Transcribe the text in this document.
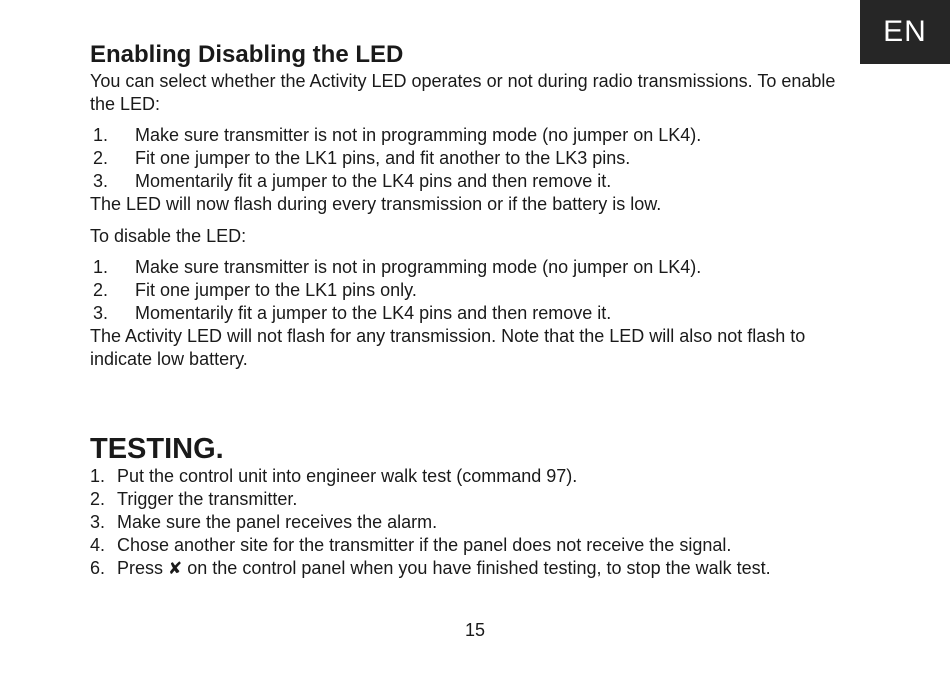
EN
Enabling Disabling the LED

You can select whether the Activity LED operates or not during radio transmissions. To enable the LED:

1.	Make sure transmitter is not in programming mode (no jumper on LK4).
2.	Fit one jumper to the LK1 pins, and fit another to the LK3 pins.
3.	Momentarily fit a jumper to the LK4 pins and then remove it.

The LED will now flash during every transmission or if the battery is low.

To disable the LED:

1.	Make sure transmitter is not in programming mode (no jumper on LK4).
2.	Fit one jumper to the LK1 pins only.
3.	Momentarily fit a jumper to the LK4 pins and then remove it.

The Activity LED will not flash for any transmission. Note that the LED will also not flash to indicate low battery.

TESTING.
1. Put the control unit into engineer walk test (command 97).
2. Trigger the transmitter.
3. Make sure the panel receives the alarm.
4. Chose another site for the transmitter if the panel does not receive the signal.
6. Press ✘ on the control panel when you have finished testing, to stop the walk test.
15
